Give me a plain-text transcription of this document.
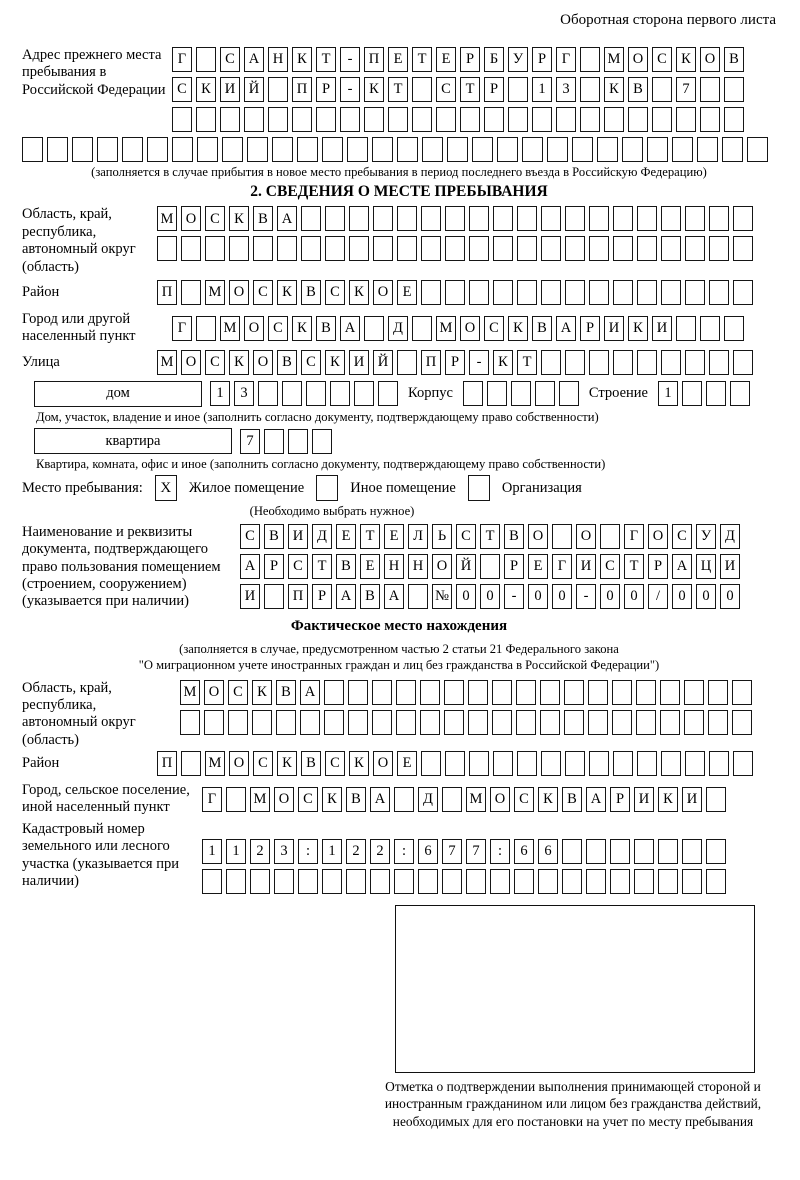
Оборотная сторона первого листа
Адрес прежнего места пребывания в Российской Федерации
Г	С А Н К	Т	-	П Е	Т	Е	Р	Б	У	Р	Г	М О С К О В
С К И Й	П	Р	-	К	Т	С	Т	Р	1	3	К В	7
(заполняется в случае прибытия в новое место пребывания в период последнего въезда в Российскую Федерацию)
2. СВЕДЕНИЯ О МЕСТЕ ПРЕБЫВАНИЯ
Область, край, республика, автономный округ (область)
М О С К В А
Район	П	М О С К В С К О Е
Город или другой населенный пункт
Г	М О С К В А	Д	М О С К В А	Р	И К И
Улица	М О С К О В С К И Й	П	Р	-	К	Т
дом	1	3	Корпус	Строение	1
Дом, участок, владение и иное (заполнить согласно документу, подтверждающему право собственности)
квартира	7
Квартира, комната, офис и иное (заполнить согласно документу, подтверждающему право собственности)
Место пребывания:	X	Жилое помещение	Иное помещение	Организация
(Необходимо выбрать нужное)
Наименование и реквизиты документа, подтверждающего право пользования помещением (строением, сооружением) (указывается при наличии)
С В И Д	Е	Т	Е	Л	Ь	С	Т	В О	О	Г	О С У Д
А	Р	С	Т	В	Е Н Н О Й	Р	Е	Г	И С	Т	Р	А Ц И
И	П	Р	А В А	№ 0	0	-	0	0	-	0	0	/	0	0	0
Фактическое место нахождения
(заполняется в случае, предусмотренном частью 2 статьи 21 Федерального закона
"О миграционном учете иностранных граждан и лиц без гражданства в Российской Федерации")
Область, край, республика, автономный округ (область)
М О С К В А
Район	П	М О С К В С К О Е
Город, сельское поселение, иной населенный пункт
Г	М О С К В А	Д	М О С К В А	Р	И К И
Кадастровый номер земельного или лесного участка (указывается при наличии)
1	1	2	3	:	1	2	2	:	6	7	7	:	6	6
Отметка о подтверждении выполнения принимающей стороной и иностранным гражданином или лицом без гражданства действий, необходимых для его постановки на учет по месту пребывания
